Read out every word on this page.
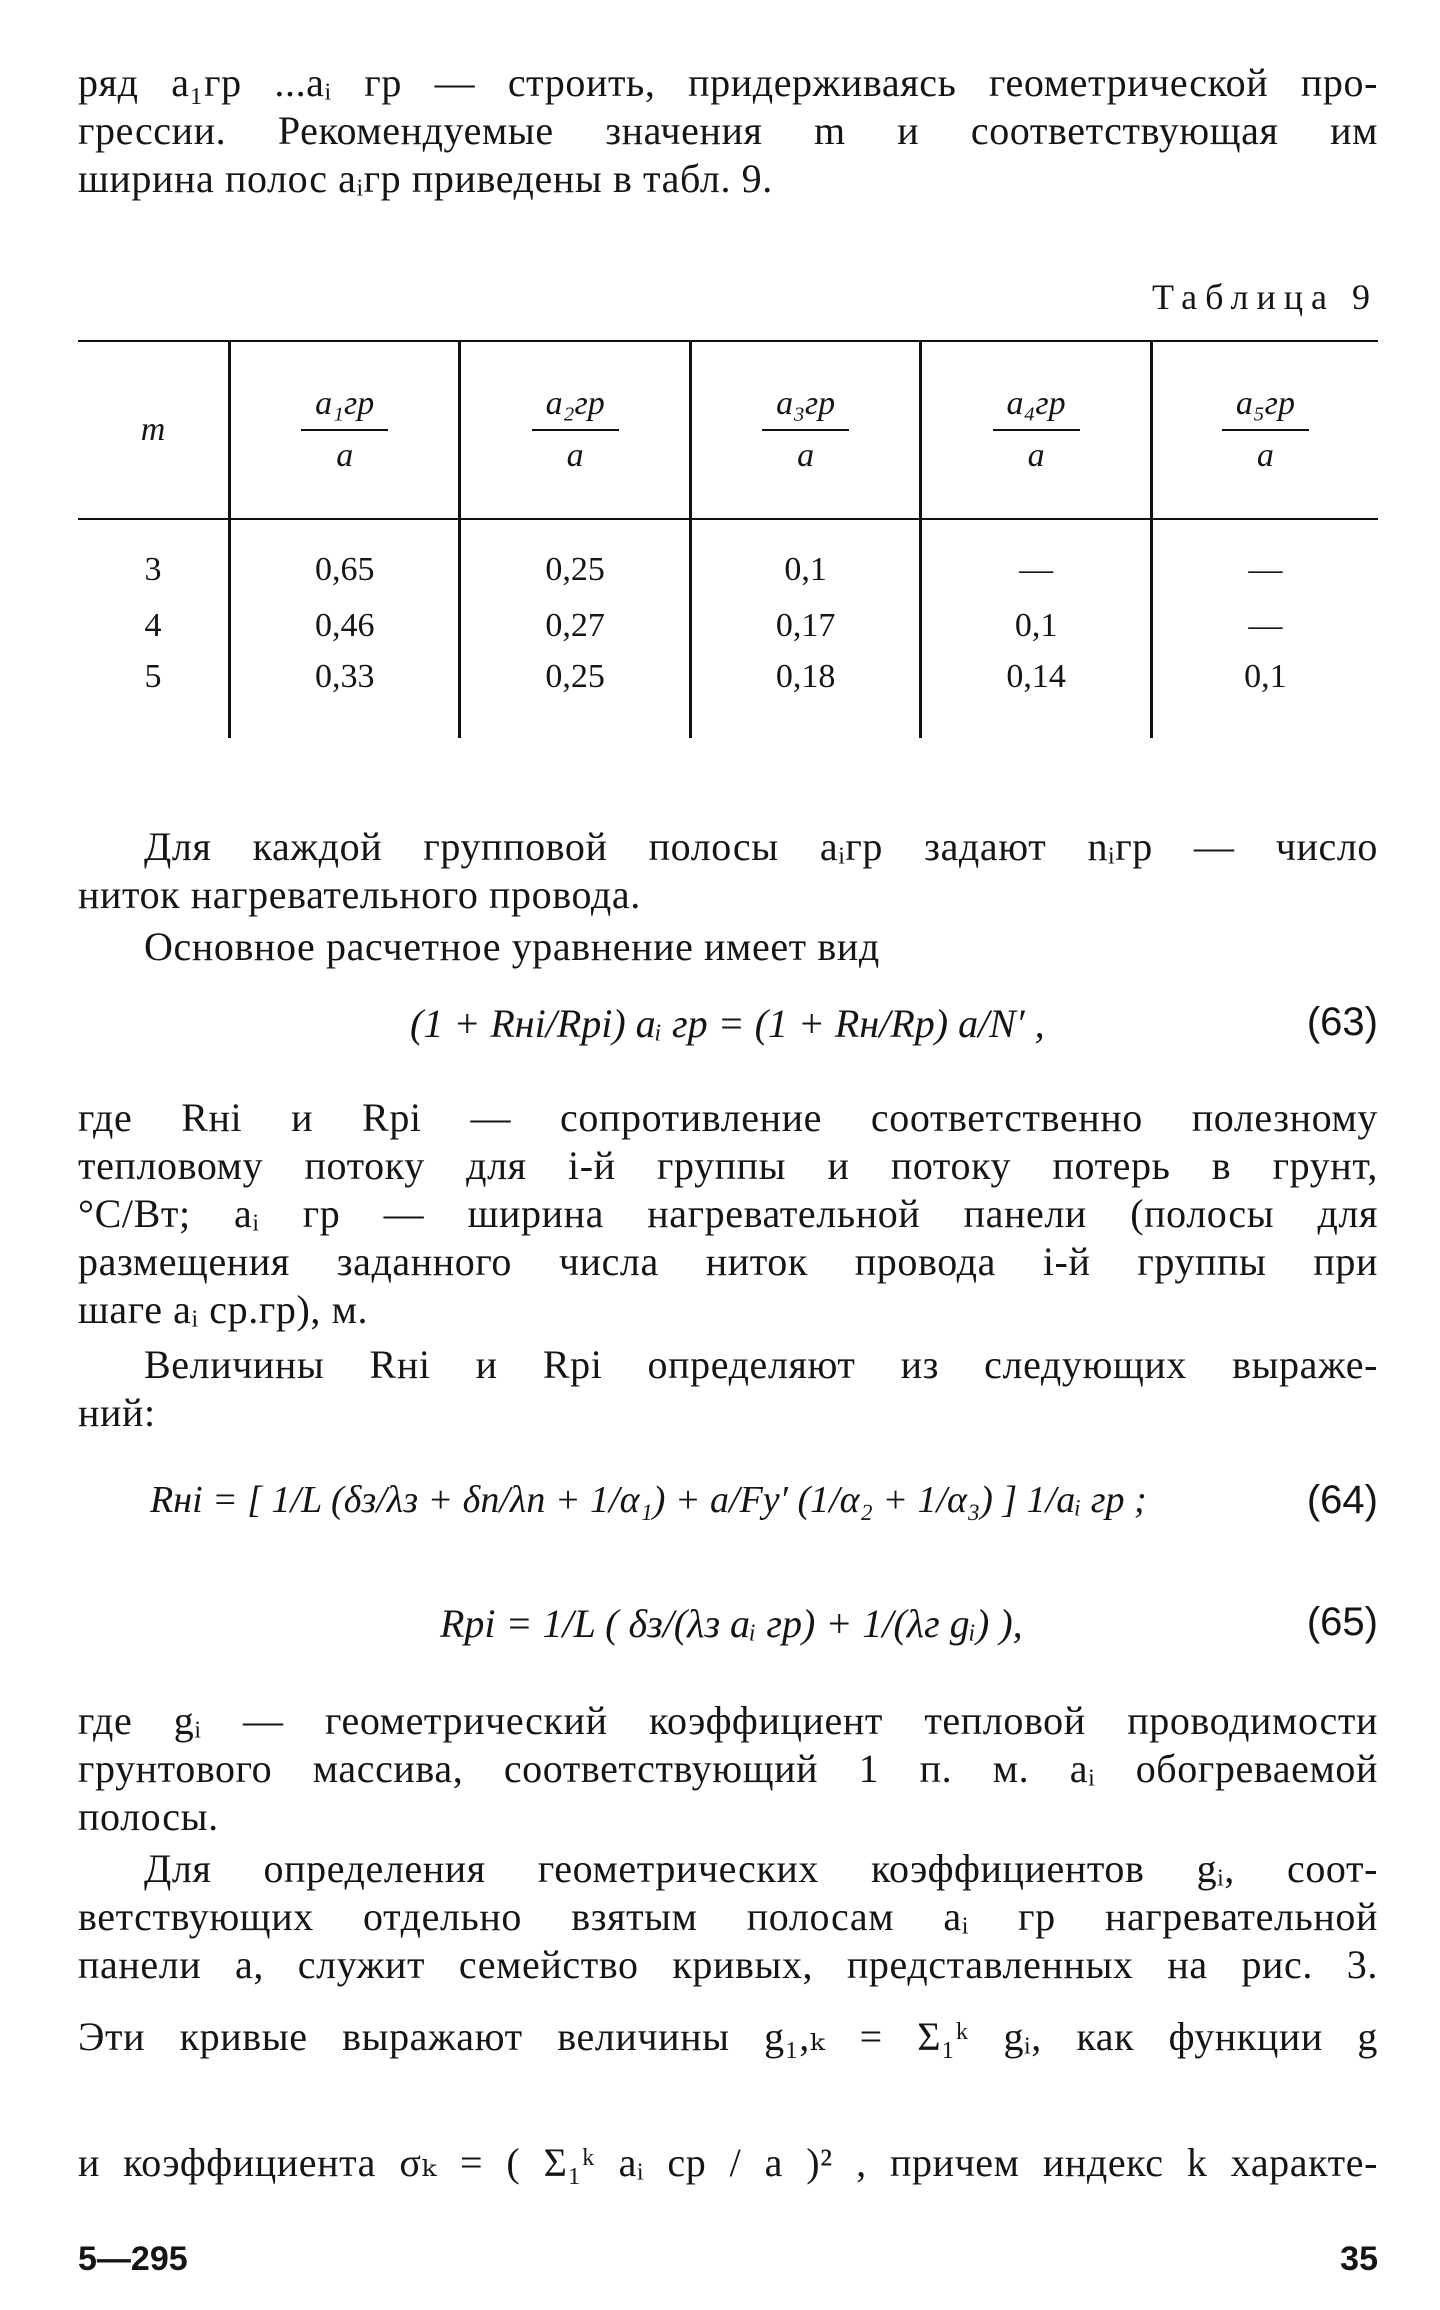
ряд a₁гр ...aᵢ гр — строить, придерживаясь геометрической про-
грессии. Рекомендуемые значения m и соответствующая им
ширина полос aᵢгр приведены в табл. 9.
Таблица 9
m	$\frac{\text{a₁гр}}{a}$	$\frac{\text{a₂гр}}{a}$	$\frac{\text{a₃гр}}{a}$	$\frac{\text{a₄гр}}{a}$	$\frac{\text{a₅гр}}{a}$

3	0,65	0,25	0,1	—	—
4	0,46	0,27	0,17	0,1	—
5	0,33	0,25	0,18	0,14	0,1
Для каждой групповой полосы aᵢгр задают nᵢгр — число
ниток нагревательного провода.
Основное расчетное уравнение имеет вид
(1 + Rнi/Rрi) aᵢ гр = (1 + Rн/Rр) a/N′ ,	(63)
где Rнi и Rрi — сопротивление соответственно полезному
тепловому потоку для i-й группы и потоку потерь в грунт,
°С/Вт; aᵢ гр — ширина нагревательной панели (полосы для
размещения заданного числа ниток провода i-й группы при
шаге aᵢ ср.гр), м.
Величины Rнi и Rрi определяют из следующих выраже-
ний:
Rнi = [ 1/L (δз/λз + δп/λп + 1/α₁) + a/Fу′ (1/α₂ + 1/α₃) ] 1/aᵢ гр ;	(64)
Rрi = 1/L ( δз/(λз aᵢ гр) + 1/(λг gᵢ) ),	(65)
где gᵢ — геометрический коэффициент тепловой проводимости
грунтового массива, соответствующий 1 п. м. aᵢ обогреваемой
полосы.
Для определения геометрических коэффициентов gᵢ, соот-
ветствующих отдельно взятым полосам aᵢ гр нагревательной
панели a, служит семейство кривых, представленных на рис. 3.
Эти кривые выражают величины g₁,ₖ = Σ₁ᵏ gᵢ, как функции g
и коэффициента σₖ = ( Σ₁ᵏ aᵢ ср / a )² , причем индекс k характе-
5—295	35
